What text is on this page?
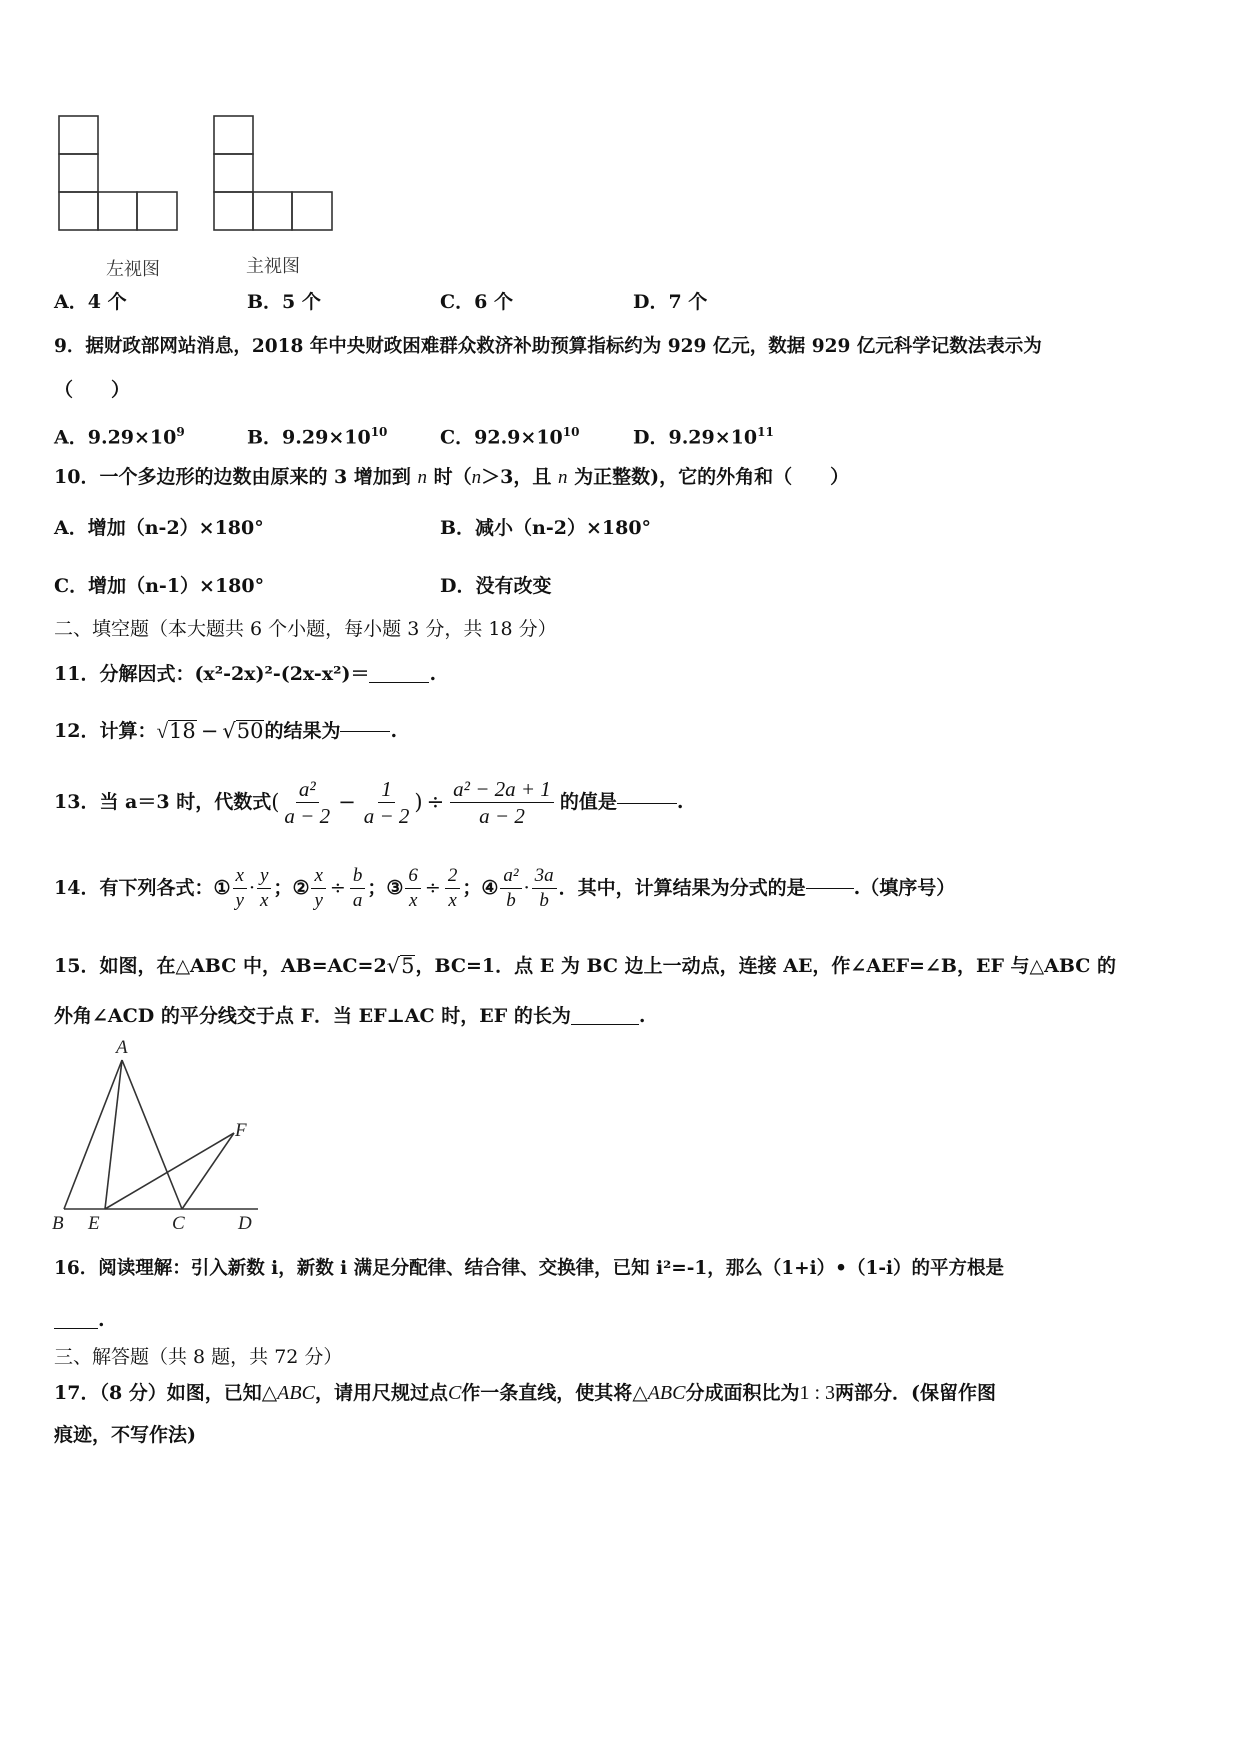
左视图	主视图
A．4 个	B．5 个	C．6 个	D．7 个
9．据财政部网站消息，2018 年中央财政困难群众救济补助预算指标约为 929 亿元，数据 929 亿元科学记数法表示为
（　　）
A．$9.29\times 10^9$	B．$9.29\times 10^{10}$	C．$92.9\times 10^{10}$	D．$9.29\times 10^{11}$
10．一个多边形的边数由原来的 3 增加到 n 时（n＞3，且 n 为正整数)，它的外角和（　　）
A．增加（n-2）×180°	B．减小（n-2）×180°
C．增加（n-1）×180°	D．没有改变
二、填空题（本大题共 6 个小题，每小题 3 分，共 18 分）
11．分解因式：(x²-2x)²-(2x-x²)＝	.
12．计算： √ 18 − √ 50 的结果为	.
13．当 a＝3 时，代数式 ( $\frac{\text{a²}}{a - 2} - \frac{1}{a - 2}$ ) ÷ $\frac{\text{a² − 2a + 1}}{a - 2}$ 的值是	.
14．有下列各式： ① $\frac{x}{y} \cdot \frac{y}{x}$ ； ② $\frac{x}{y} \div \frac{b}{a}$ ； ③ $\frac{6}{x} \div \frac{2}{x}$ ； ④ $\frac{\text{a²}}{b} \cdot \frac{3a}{b}$ ．其中，计算结果为分式的是	.（填序号）
15．如图，在△ABC 中，AB=AC=2 √ 5 ，BC=1．点 E 为 BC 边上一动点，连接 AE，作∠AEF=∠B，EF 与△ABC 的
外角∠ACD 的平分线交于点 F．当 EF⊥AC 时，EF 的长为	.
A
B E	C	D
F
16．阅读理解：引入新数 i，新数 i 满足分配律、结合律、交换律，已知 i²=-1，那么（1+i）•（1-i）的平方根是
.
三、解答题（共 8 题，共 72 分）
17．（8 分）如图，已知△ABC，请用尺规过点C作一条直线，使其将△ABC分成面积比为1 : 3两部分．(保留作图
痕迹，不写作法)
